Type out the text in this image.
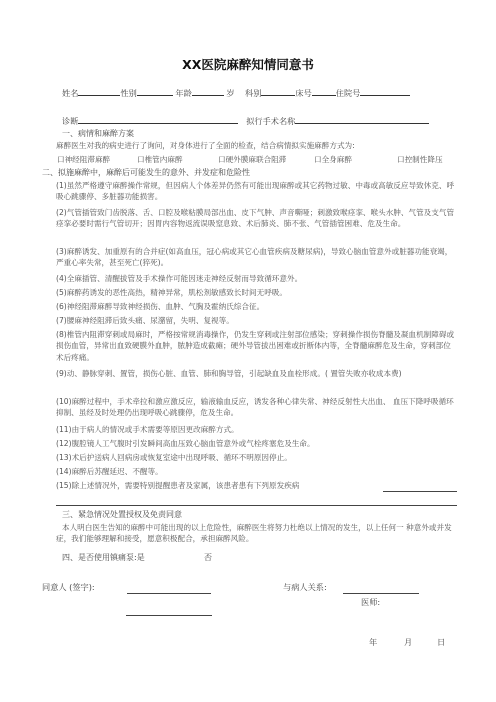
XX医院麻醉知情同意书
姓名	性别	年龄	岁 科别	床号	住院号
诊断	拟行手术名称
一、病情和麻醉方案
麻醉医生对我的病史进行了询问，对身体进行了全面的检查，结合病情拟实施麻醉方式为:
口神经阻滞麻醉	口椎管内麻醉	口硬外膜麻联合阻滞	口全身麻醉	口控制性降压
二、拟施麻醉中，麻醉后可能发生的意外、并发症和危险性
(1)虽然严格遵守麻醉操作常规，但因病人个体差异仍然有可能出现麻醉或其它药物过敏、中毒或高敏反应导致休克、呼吸心跳骤停、多脏器功能损害。
(2)气管插管致门齿脱落、舌、口腔及喉粘膜局部出血、皮下气肿、声音嘶哑；刺激致喉痉挛、喉头水肿、气管及支气管痉挛必要时需行气管切开；因胃内容物返流误吸窒息致、术后肺炎、肺不张、气管插管困难、危及生命。
(3)麻醉诱发、加重原有的合并症(如高血压，冠心病或其它心血管疾病及糖尿病)，导致心脑血管意外或脏器功能衰竭，严重心率失常，甚至死亡(猝死)。
(4)全麻插管、清醒拔管及手术操作可能因迷走神经反射而导致循环意外。
(5)麻醉药诱发的恶性高热，精神异常，肌松剂敏感致长时间无呼吸。
(6)神经阻滞麻醉导致神经损伤、血肿、气胸及霍纳氏综合征。
(7)腰麻神经阻滞后致头痛、尿潴留，失明、复视等。
(8)椎管内阻滞穿刺或局麻时，严格按常规消毒操作，仍发生穿刺或注射部位感染；穿刺操作损伤脊髓及凝血机制障碍或损伤血管，异常出血致硬膜外血肿，脓肿造成截瘫；硬外导管拔出困难或折断体内等，全脊髓麻醉危及生命，穿刺部位术后疼痛。
(9)动、静脉穿刺、置管，损伤心脏、血管、肺和胸导管，引起缺血及血栓形成。( 置管失败亦收成本费)
(10)麻醉过程中，手术牵拉和激应激反应，输液输血反应，诱发各种心律失常、神经反射性大出血、 血压下降呼吸循环抑制、虽经及时处理仍出现呼吸心跳骤停，危及生命。
(11)由于病人的情况或手术需要等原因更改麻醉方式。
(12)腹腔镜人工气腹时引发瞬间高血压致心脑血管意外或气栓疼塞危及生命。
(13)术后护送病人回病房或恢复室途中出现呼吸、循环不明原因停止。
(14)麻醉后苏醒延迟、不醒等。
(15)除上述情况外，需要特别提醒患者及家属，该患者患有下列原发疾病
三、紧急情况处置授权及免责同意
本人明白医生告知的麻醉中可能出现的以上危险性，麻醉医生将努力杜绝以上情况的发生，以上任何一 种意外或并发症，我们能够理解和接受，愿意积极配合，承担麻醉风险。
四、是否使用镇痛泵:是	否
同意人 (签字):	与病人关系:
医师:
年	月	日
